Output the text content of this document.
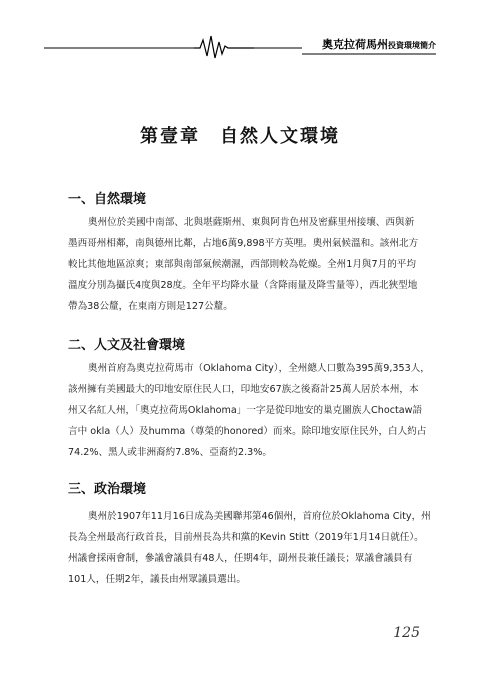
奧克拉荷馬州投資環境簡介
第壹章　自然人文環境
一、自然環境
奧州位於美國中南部、北與堪薩斯州、東與阿肯色州及密蘇里州接壤、西與新
墨西哥州相鄰，南與德州比鄰，占地6萬9,898平方英哩。奧州氣候溫和。該州北方
較比其他地區涼爽；東部與南部氣候潮濕，西部則較為乾燥。全州1月與7月的平均
溫度分別為攝氏4度與28度。全年平均降水量（含降雨量及降雪量等），西北狹型地
帶為38公釐，在東南方則是127公釐。
二、人文及社會環境
奧州首府為奧克拉荷馬市（Oklahoma City），全州總人口數為395萬9,353人，
該州擁有美國最大的印地安原住民人口，印地安67族之後裔計25萬人居於本州，本
州又名紅人州，「奧克拉荷馬Oklahoma」一字是從印地安的巢克圖族人Choctaw語
言中 okla（人）及humma（尊榮的honored）而來。除印地安原住民外，白人約占
74.2%、黑人或非洲裔約7.8%、亞裔約2.3%。
三、政治環境
奧州於1907年11月16日成為美國聯邦第46個州，首府位於Oklahoma City，州
長為全州最高行政首長，目前州長為共和黨的Kevin Stitt（2019年1月14日就任）。
州議會採兩會制，參議會議員有48人，任期4年，副州長兼任議長；眾議會議員有
101人，任期2年，議長由州眾議員選出。
125
